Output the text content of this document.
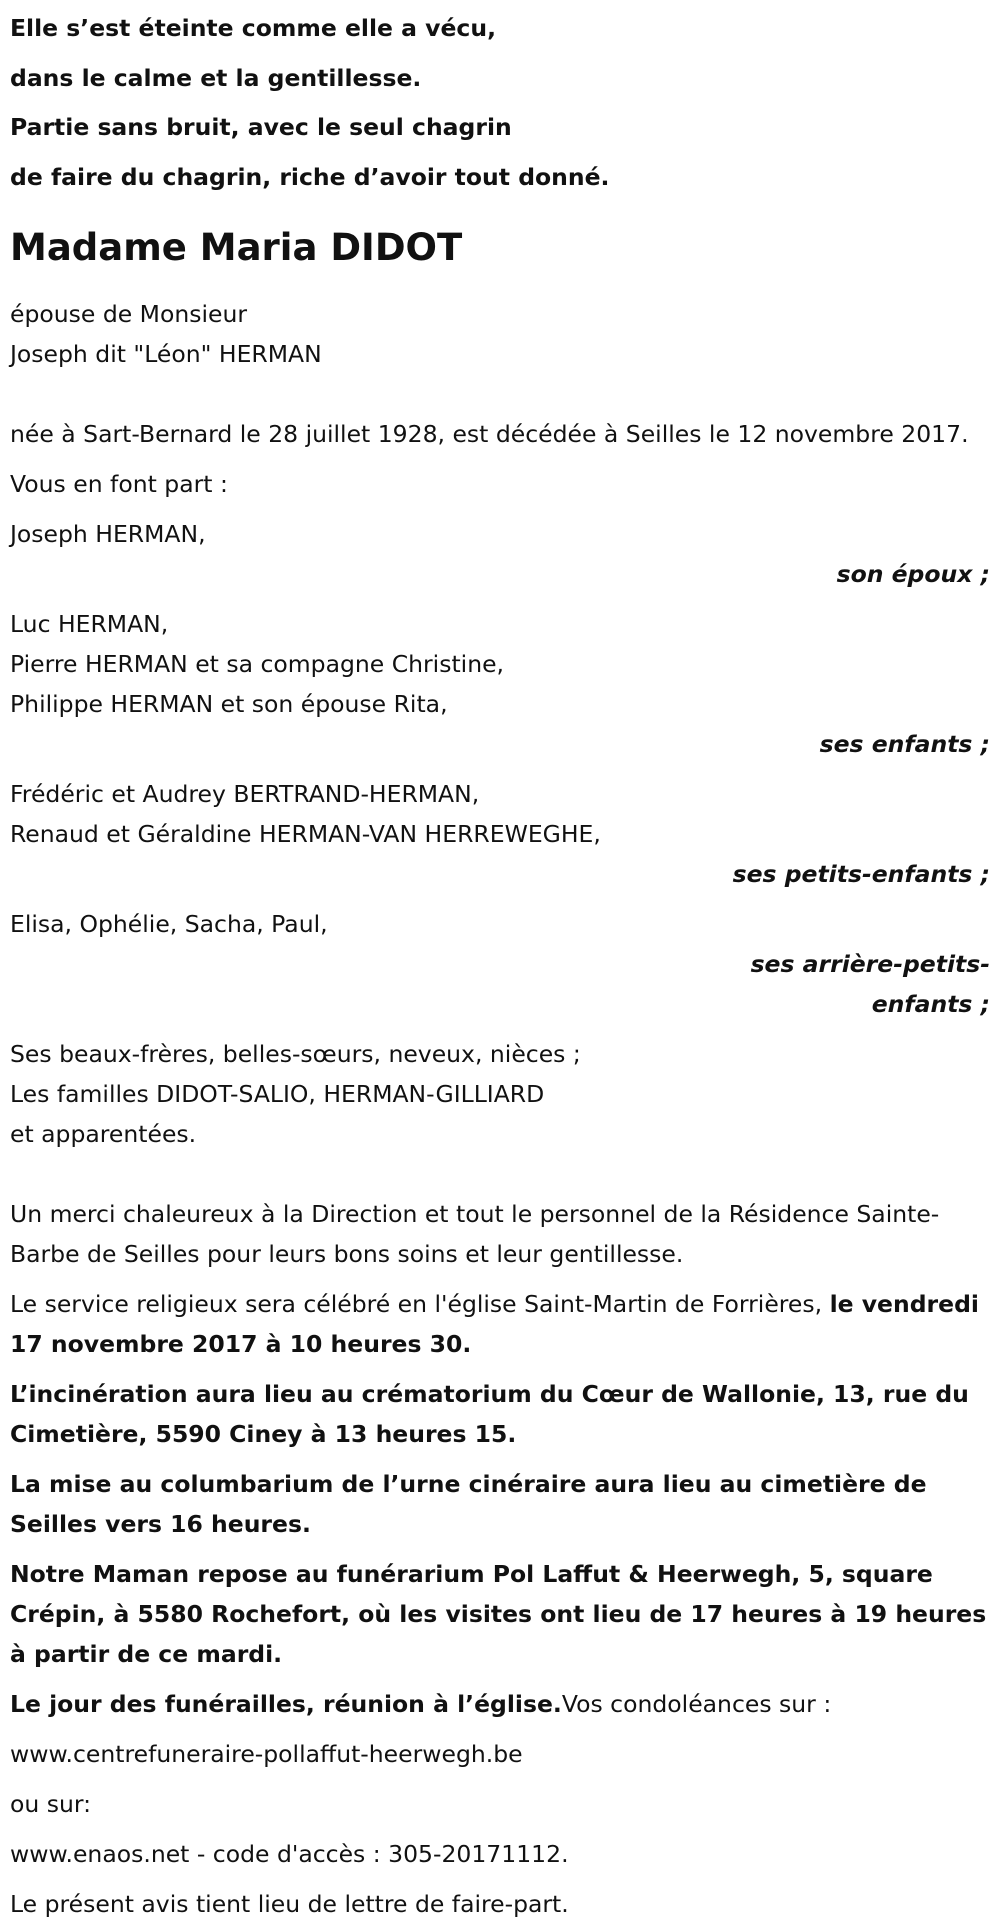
Elle s’est éteinte comme elle a vécu,

dans le calme et la gentillesse.

Partie sans bruit, avec le seul chagrin

de faire du chagrin, riche d’avoir tout donné.

Madame Maria DIDOT
épouse de Monsieur
Joseph dit "Léon" HERMAN
née à Sart-Bernard le 28 juillet 1928, est décédée à Seilles le 12 novembre 2017.
Vous en font part :
Joseph HERMAN,
son époux ;
Luc HERMAN,
Pierre HERMAN et sa compagne Christine,
Philippe HERMAN et son épouse Rita,
ses enfants ;
Frédéric et Audrey BERTRAND-HERMAN,
Renaud et Géraldine HERMAN-VAN HERREWEGHE,
ses petits-enfants ;
Elisa, Ophélie, Sacha, Paul,
ses arrière-petits-enfants ;
Ses beaux-frères, belles-sœurs, neveux, nièces ;
Les familles DIDOT-SALIO, HERMAN-GILLIARD
et apparentées.
Un merci chaleureux à la Direction et tout le personnel de la Résidence Sainte-Barbe de Seilles pour leurs bons soins et leur gentillesse.
Le service religieux sera célébré en l'église Saint-Martin de Forrières, le vendredi 17 novembre 2017 à 10 heures 30.
L’incinération aura lieu au crématorium du Cœur de Wallonie, 13, rue du Cimetière, 5590 Ciney à 13 heures 15.
La mise au columbarium de l’urne cinéraire aura lieu au cimetière de Seilles vers 16 heures.
Notre Maman repose au funérarium Pol Laffut & Heerwegh, 5, square Crépin, à 5580 Rochefort, où les visites ont lieu de 17 heures à 19 heures à partir de ce mardi.
Le jour des funérailles, réunion à l’église.Vos condoléances sur :
www.centrefuneraire-pollaffut-heerwegh.be
ou sur:
www.enaos.net - code d'accès : 305-20171112.
Le présent avis tient lieu de lettre de faire-part.
